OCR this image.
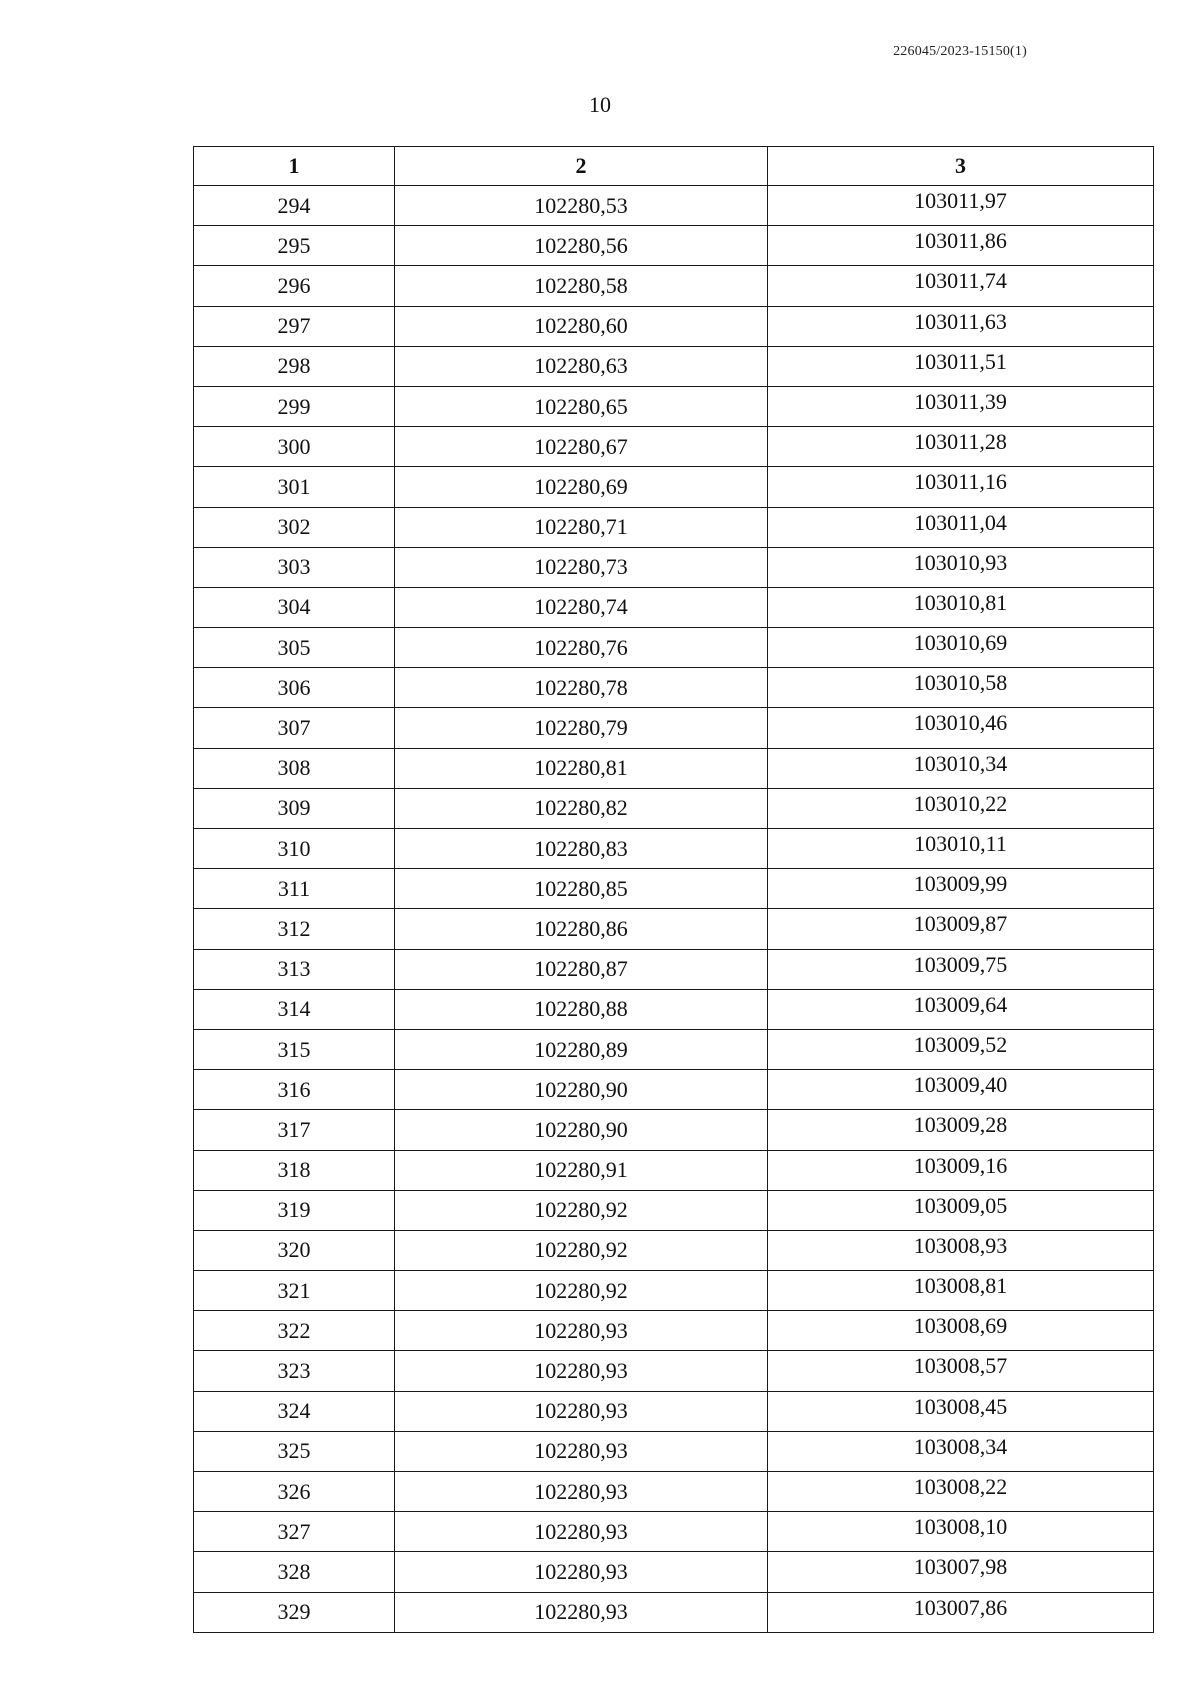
226045/2023-15150(1)
10
1	2	3
294	102280,53	103011,97
295	102280,56	103011,86
296	102280,58	103011,74
297	102280,60	103011,63
298	102280,63	103011,51
299	102280,65	103011,39
300	102280,67	103011,28
301	102280,69	103011,16
302	102280,71	103011,04
303	102280,73	103010,93
304	102280,74	103010,81
305	102280,76	103010,69
306	102280,78	103010,58
307	102280,79	103010,46
308	102280,81	103010,34
309	102280,82	103010,22
310	102280,83	103010,11
311	102280,85	103009,99
312	102280,86	103009,87
313	102280,87	103009,75
314	102280,88	103009,64
315	102280,89	103009,52
316	102280,90	103009,40
317	102280,90	103009,28
318	102280,91	103009,16
319	102280,92	103009,05
320	102280,92	103008,93
321	102280,92	103008,81
322	102280,93	103008,69
323	102280,93	103008,57
324	102280,93	103008,45
325	102280,93	103008,34
326	102280,93	103008,22
327	102280,93	103008,10
328	102280,93	103007,98
329	102280,93	103007,86
